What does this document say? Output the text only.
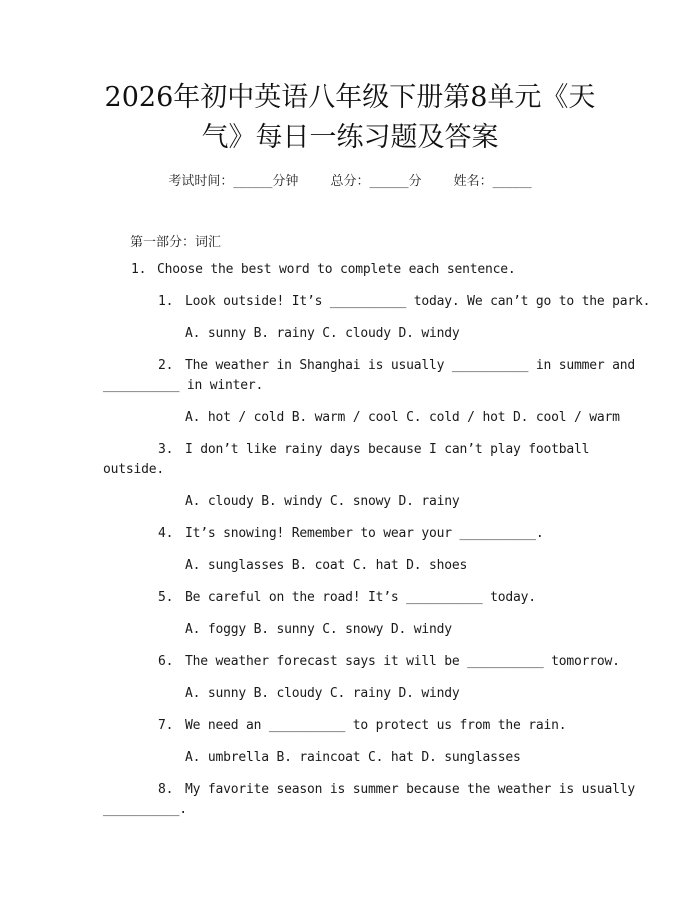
2026年初中英语八年级下册第8单元《天
气》每日一练习题及答案
考试时间：______分钟 总分：______分 姓名：______
第一部分：词汇
1. Choose the best word to complete each sentence.
1. Look outside! It’s __________ today. We can’t go to the park.
A. sunny B. rainy C. cloudy D. windy
2. The weather in Shanghai is usually __________ in summer and
__________ in winter.
A. hot / cold B. warm / cool C. cold / hot D. cool / warm
3. I don’t like rainy days because I can’t play football
outside.
A. cloudy B. windy C. snowy D. rainy
4. It’s snowing! Remember to wear your __________.
A. sunglasses B. coat C. hat D. shoes
5. Be careful on the road! It’s __________ today.
A. foggy B. sunny C. snowy D. windy
6. The weather forecast says it will be __________ tomorrow.
A. sunny B. cloudy C. rainy D. windy
7. We need an __________ to protect us from the rain.
A. umbrella B. raincoat C. hat D. sunglasses
8. My favorite season is summer because the weather is usually
__________.
